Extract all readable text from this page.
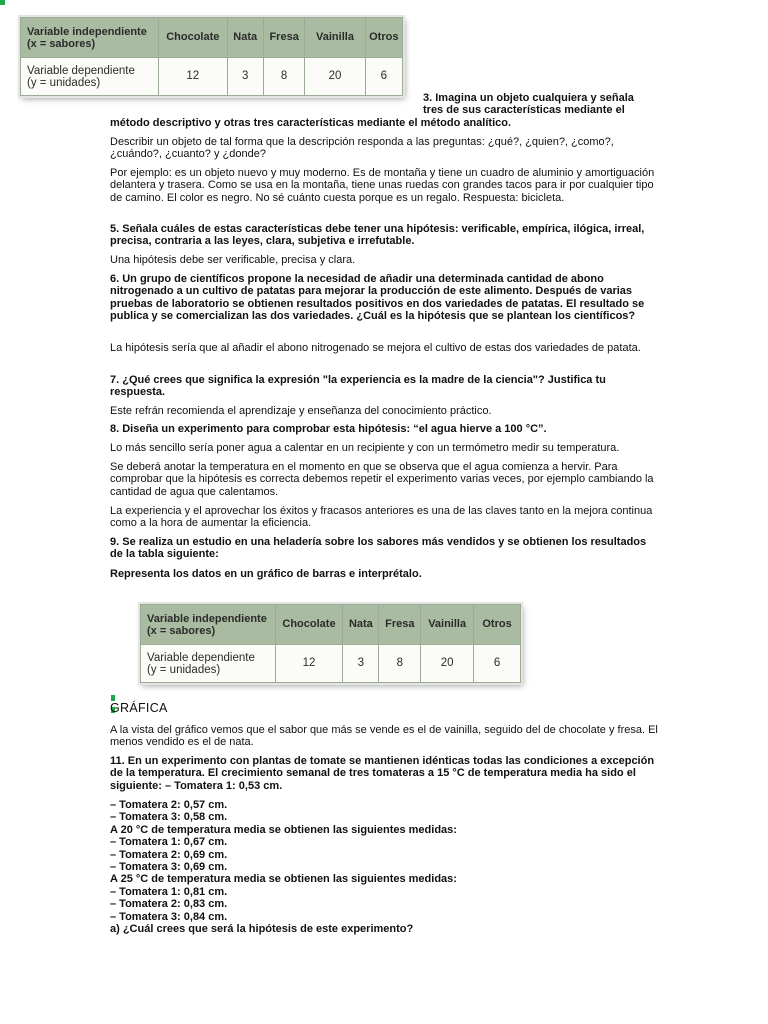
Variable independiente
(x = sabores)	Chocolate	Nata	Fresa	Vainilla	Otros

Variable dependiente
(y = unidades)	12	3	8	20	6

3. Imagina un objeto cualquiera y señala

tres de sus características mediante el

método descriptivo y otras tres características mediante el método analítico.

Describir un objeto de tal forma que la descripción responda a las preguntas: ¿qué?, ¿quien?, ¿como?, ¿cuándo?, ¿cuanto? y ¿donde?

Por ejemplo: es un objeto nuevo y muy moderno. Es de montaña y tiene un cuadro de aluminio y amortiguación delantera y trasera. Como se usa en la montaña, tiene unas ruedas con grandes tacos para ir por cualquier tipo de camino. El color es negro. No sé cuánto cuesta porque es un regalo. Respuesta: bicicleta.

5. Señala cuáles de estas características debe tener una hipótesis: verificable, empírica, ilógica, irreal, precisa, contraria a las leyes, clara, subjetiva e irrefutable.

Una hipótesis debe ser verificable, precisa y clara.

6. Un grupo de científicos propone la necesidad de añadir una determinada cantidad de abono nitrogenado a un cultivo de patatas para mejorar la producción de este alimento. Después de varias pruebas de laboratorio se obtienen resultados positivos en dos variedades de patatas. El resultado se publica y se comercializan las dos variedades. ¿Cuál es la hipótesis que se plantean los científicos?

La hipótesis sería que al añadir el abono nitrogenado se mejora el cultivo de estas dos variedades de patata.

7. ¿Qué crees que significa la expresión "la experiencia es la madre de la ciencia"? Justifica tu respuesta.

Este refrán recomienda el aprendizaje y enseñanza del conocimiento práctico.

8. Diseña un experimento para comprobar esta hipótesis: “el agua hierve a 100 °C”.

Lo más sencillo sería poner agua a calentar en un recipiente y con un termómetro medir su temperatura.

Se deberá anotar la temperatura en el momento en que se observa que el agua comienza a hervir. Para comprobar que la hipótesis es correcta debemos repetir el experimento varias veces, por ejemplo cambiando la cantidad de agua que calentamos.

La experiencia y el aprovechar los éxitos y fracasos anteriores es una de las claves tanto en la mejora continua como a la hora de aumentar la eficiencia.

9. Se realiza un estudio en una heladería sobre los sabores más vendidos y se obtienen los resultados de la tabla siguiente:

Representa los datos en un gráfico de barras e interprétalo.

Variable independiente
(x = sabores)	Chocolate	Nata	Fresa	Vainilla	Otros

Variable dependiente
(y = unidades)	12	3	8	20	6

GRÁFICA

A la vista del gráfico vemos que el sabor que más se vende es el de vainilla, seguido del de chocolate y fresa. El menos vendido es el de nata.

11. En un experimento con plantas de tomate se mantienen idénticas todas las condiciones a excepción de la temperatura. El crecimiento semanal de tres tomateras a 15 °C de temperatura media ha sido el siguiente: – Tomatera 1: 0,53 cm.

– Tomatera 2: 0,57 cm.

– Tomatera 3: 0,58 cm.

A 20 °C de temperatura media se obtienen las siguientes medidas:

– Tomatera 1: 0,67 cm.

– Tomatera 2: 0,69 cm.

– Tomatera 3: 0,69 cm.

A 25 °C de temperatura media se obtienen las siguientes medidas:

– Tomatera 1: 0,81 cm.

– Tomatera 2: 0,83 cm.

– Tomatera 3: 0,84 cm.

a) ¿Cuál crees que será la hipótesis de este experimento?
